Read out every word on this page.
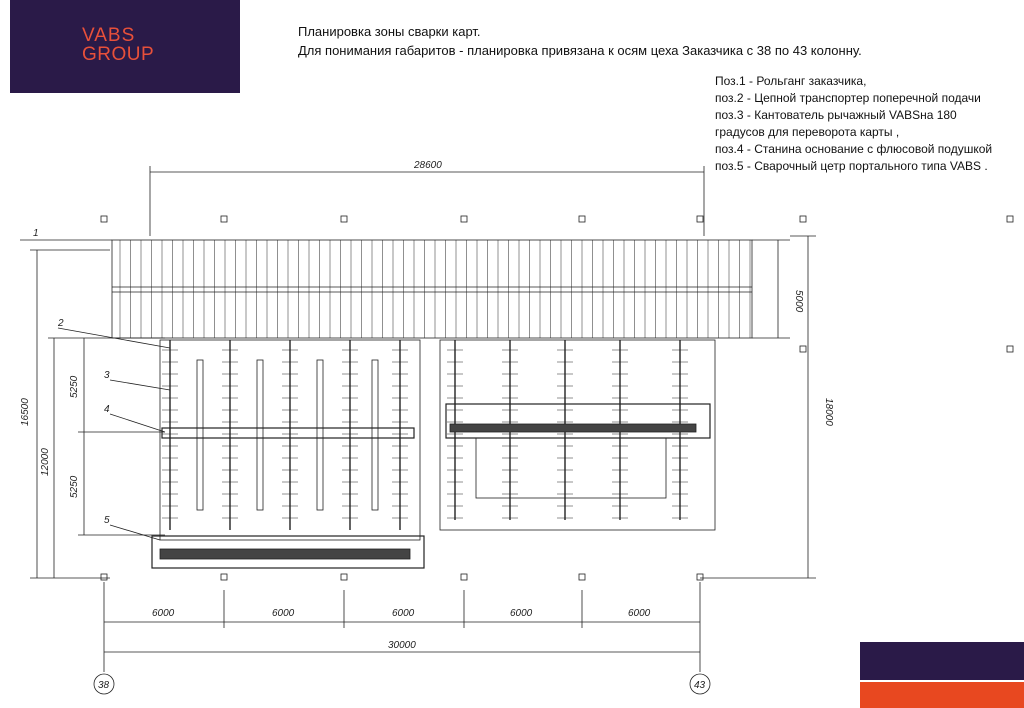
VABS
GROUP
Планировка зоны сварки карт.
Для понимания габаритов - планировка привязана к осям цеха Заказчика с 38 по 43 колонну.
Поз.1 - Рольганг заказчика,
поз.2 - Цепной транспортер поперечной подачи
поз.3 - Кантователь рычажный VABSна 180
градусов для переворота карты ,
поз.4 - Станина основание с флюсовой подушкой
поз.5 - Сварочный цетр портального типа VABS .
28600
5000
18000
16500
12000
5250
5250
6000	6000	6000	6000	6000
30000
1
2
3
4
5
38	43
